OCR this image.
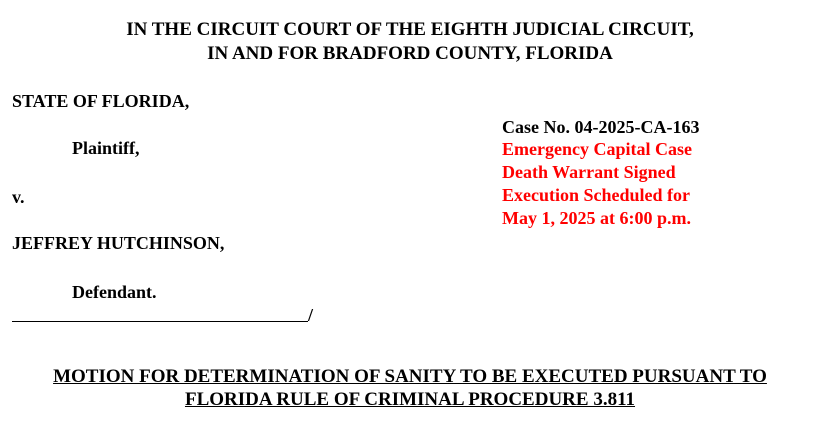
IN THE CIRCUIT COURT OF THE EIGHTH JUDICIAL CIRCUIT,
IN AND FOR BRADFORD COUNTY, FLORIDA
STATE OF FLORIDA,
Plaintiff,
v.
JEFFREY HUTCHINSON,
Defendant.
/
Case No. 04-2025-CA-163
Emergency Capital Case
Death Warrant Signed
Execution Scheduled for
May 1, 2025 at 6:00 p.m.
MOTION FOR DETERMINATION OF SANITY TO BE EXECUTED PURSUANT TO
FLORIDA RULE OF CRIMINAL PROCEDURE 3.811
